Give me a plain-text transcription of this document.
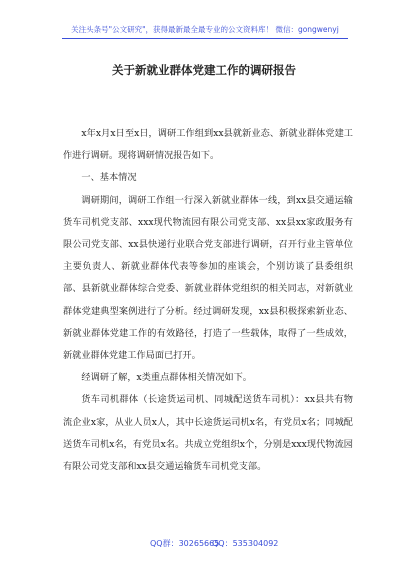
关注头条号"公文研究"，获得最新最全最专业的公文资料库！ 微信：gongwenyj
关于新就业群体党建工作的调研报告

x年x月x日至x日，调研工作组到xx县就新业态、新就业群体党建工作进行调研。现将调研情况报告如下。

一、基本情况

调研期间，调研工作组一行深入新就业群体一线，到xx县交通运输货车司机党支部、xxx现代物流园有限公司党支部、xx县xx家政服务有限公司党支部、xx县快递行业联合党支部进行调研，召开行业主管单位主要负责人、新就业群体代表等参加的座谈会，个别访谈了县委组织部、县新就业群体综合党委、新就业群体党组织的相关同志，对新就业群体党建典型案例进行了分析。经过调研发现，xx县积极探索新业态、新就业群体党建工作的有效路径，打造了一些载体，取得了一些成效，新就业群体党建工作局面已打开。

经调研了解，x类重点群体相关情况如下。

货车司机群体（长途货运司机、同城配送货车司机）：xx县共有物流企业x家，从业人员x人，其中长途货运司机x名，有党员x名；同城配送货车司机x名，有党员x名。共成立党组织x个，分别是xxx现代物流园有限公司党支部和xx县交通运输货车司机党支部。

QQ群：30265665
QQ：535304092
